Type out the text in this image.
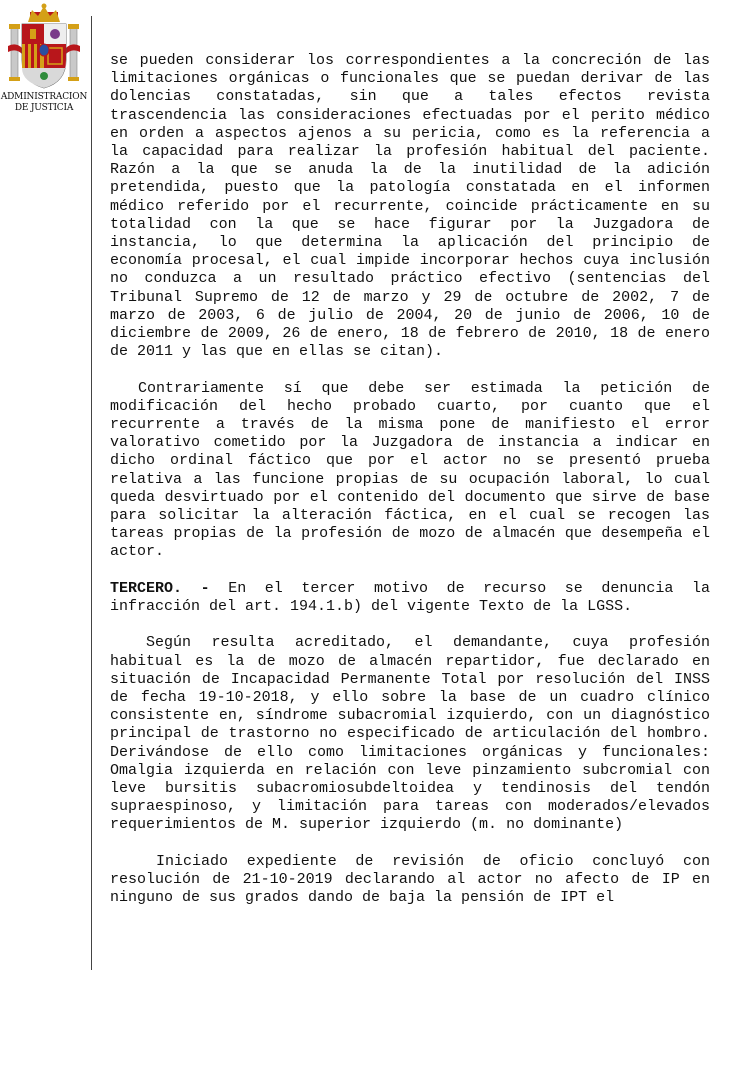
ADMINISTRACION
DE JUSTICIA

se pueden considerar los correspondientes a la concreción de las limitaciones orgánicas o funcionales que se puedan derivar de las dolencias constatadas, sin que a tales efectos revista trascendencia las consideraciones efectuadas por el perito médico en orden a aspectos ajenos a su pericia, como es la referencia a la capacidad para realizar la profesión habitual del paciente. Razón a la que se anuda la de la inutilidad de la adición pretendida, puesto que la patología constatada en el informen médico referido por el recurrente, coincide prácticamente en su totalidad con la que se hace figurar por la Juzgadora de instancia, lo que determina la aplicación del principio de economía procesal, el cual impide incorporar hechos cuya inclusión no conduzca a un resultado práctico efectivo (sentencias del Tribunal Supremo de 12 de marzo y 29 de octubre de 2002, 7 de marzo de 2003, 6 de julio de 2004, 20 de junio de 2006, 10 de diciembre de 2009, 26 de enero, 18 de febrero de 2010, 18 de enero de 2011 y las que en ellas se citan).

Contrariamente sí que debe ser estimada la petición de modificación del hecho probado cuarto, por cuanto que el recurrente a través de la misma pone de manifiesto el error valorativo cometido por la Juzgadora de instancia a indicar en dicho ordinal fáctico que por el actor no se presentó prueba relativa a las funcione propias de su ocupación laboral, lo cual queda desvirtuado por el contenido del documento que sirve de base para solicitar la alteración fáctica, en el cual se recogen las tareas propias de la profesión de mozo de almacén que desempeña el actor.

TERCERO. - En el tercer motivo de recurso se denuncia la infracción del art. 194.1.b) del vigente Texto de la LGSS.

Según resulta acreditado, el demandante, cuya profesión habitual es la de mozo de almacén repartidor, fue declarado en situación de Incapacidad Permanente Total por resolución del INSS de fecha 19-10-2018, y ello sobre la base de un cuadro clínico consistente en, síndrome subacromial izquierdo, con un diagnóstico principal de trastorno no especificado de articulación del hombro. Derivándose de ello como limitaciones orgánicas y funcionales: Omalgia izquierda en relación con leve pinzamiento subcromial con leve bursitis subacromiosubdeltoidea y tendinosis del tendón supraespinoso, y limitación para tareas con moderados/elevados requerimientos de M. superior izquierdo (m. no dominante)

Iniciado expediente de revisión de oficio concluyó con resolución de 21-10-2019 declarando al actor no afecto de IP en ninguno de sus grados dando de baja la pensión de IPT el
